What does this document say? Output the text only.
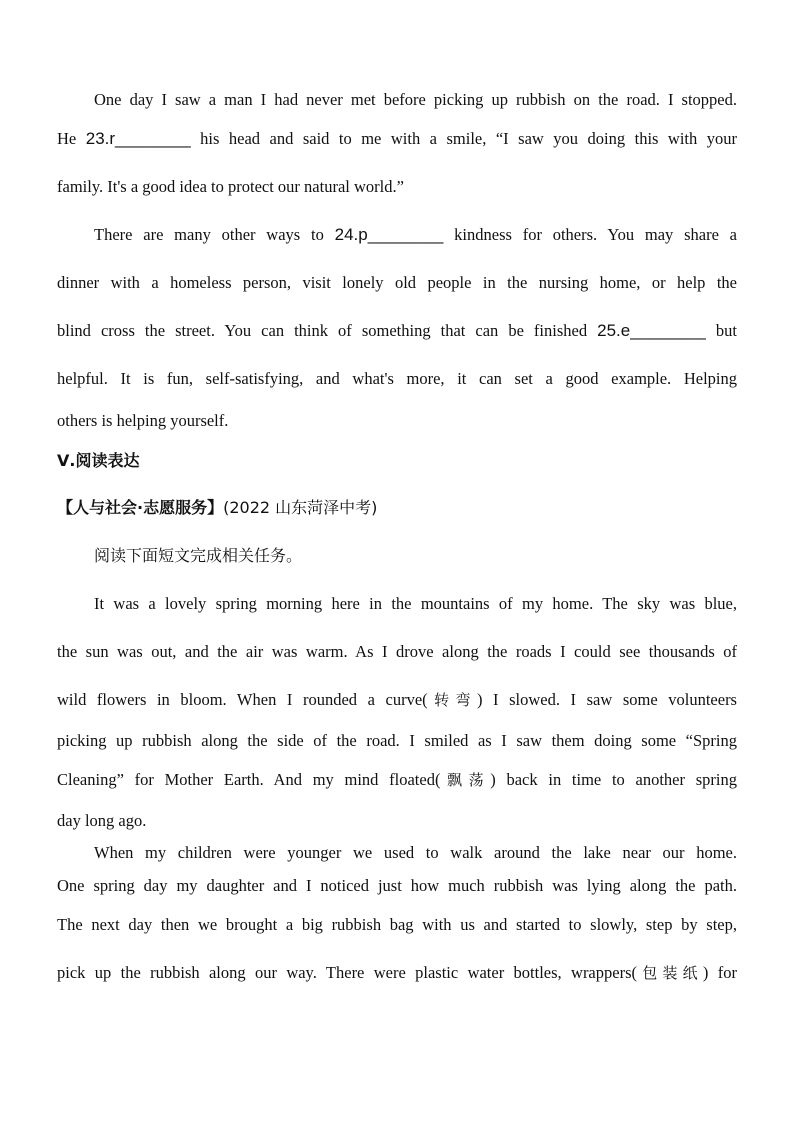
One day I saw a man I had never met before picking up rubbish on the road. I stopped.
He 23.r________ his head and said to me with a smile, “I saw you doing this with your
family. It's a good idea to protect our natural world.”
There are many other ways to 24.p________ kindness for others. You may share a
dinner with a homeless person, visit lonely old people in the nursing home, or help the
blind cross the street. You can think of something that can be finished 25.e________ but
helpful. It is fun, self-satisfying, and what's more, it can set a good example. Helping
others is helping yourself.
Ⅴ.阅读表达
【人与社会·志愿服务】(2022 山东菏泽中考)
阅读下面短文完成相关任务。
It was a lovely spring morning here in the mountains of my home. The sky was blue,
the sun was out, and the air was warm. As I drove along the roads I could see thousands of
wild flowers in bloom. When I rounded a curve(转弯) I slowed. I saw some volunteers
picking up rubbish along the side of the road. I smiled as I saw them doing some “Spring
Cleaning” for Mother Earth. And my mind floated(飘荡) back in time to another spring
day long ago.
When my children were younger we used to walk around the lake near our home.
One spring day my daughter and I noticed just how much rubbish was lying along the path.
The next day then we brought a big rubbish bag with us and started to slowly, step by step,
pick up the rubbish along our way. There were plastic water bottles, wrappers(包装纸) for
